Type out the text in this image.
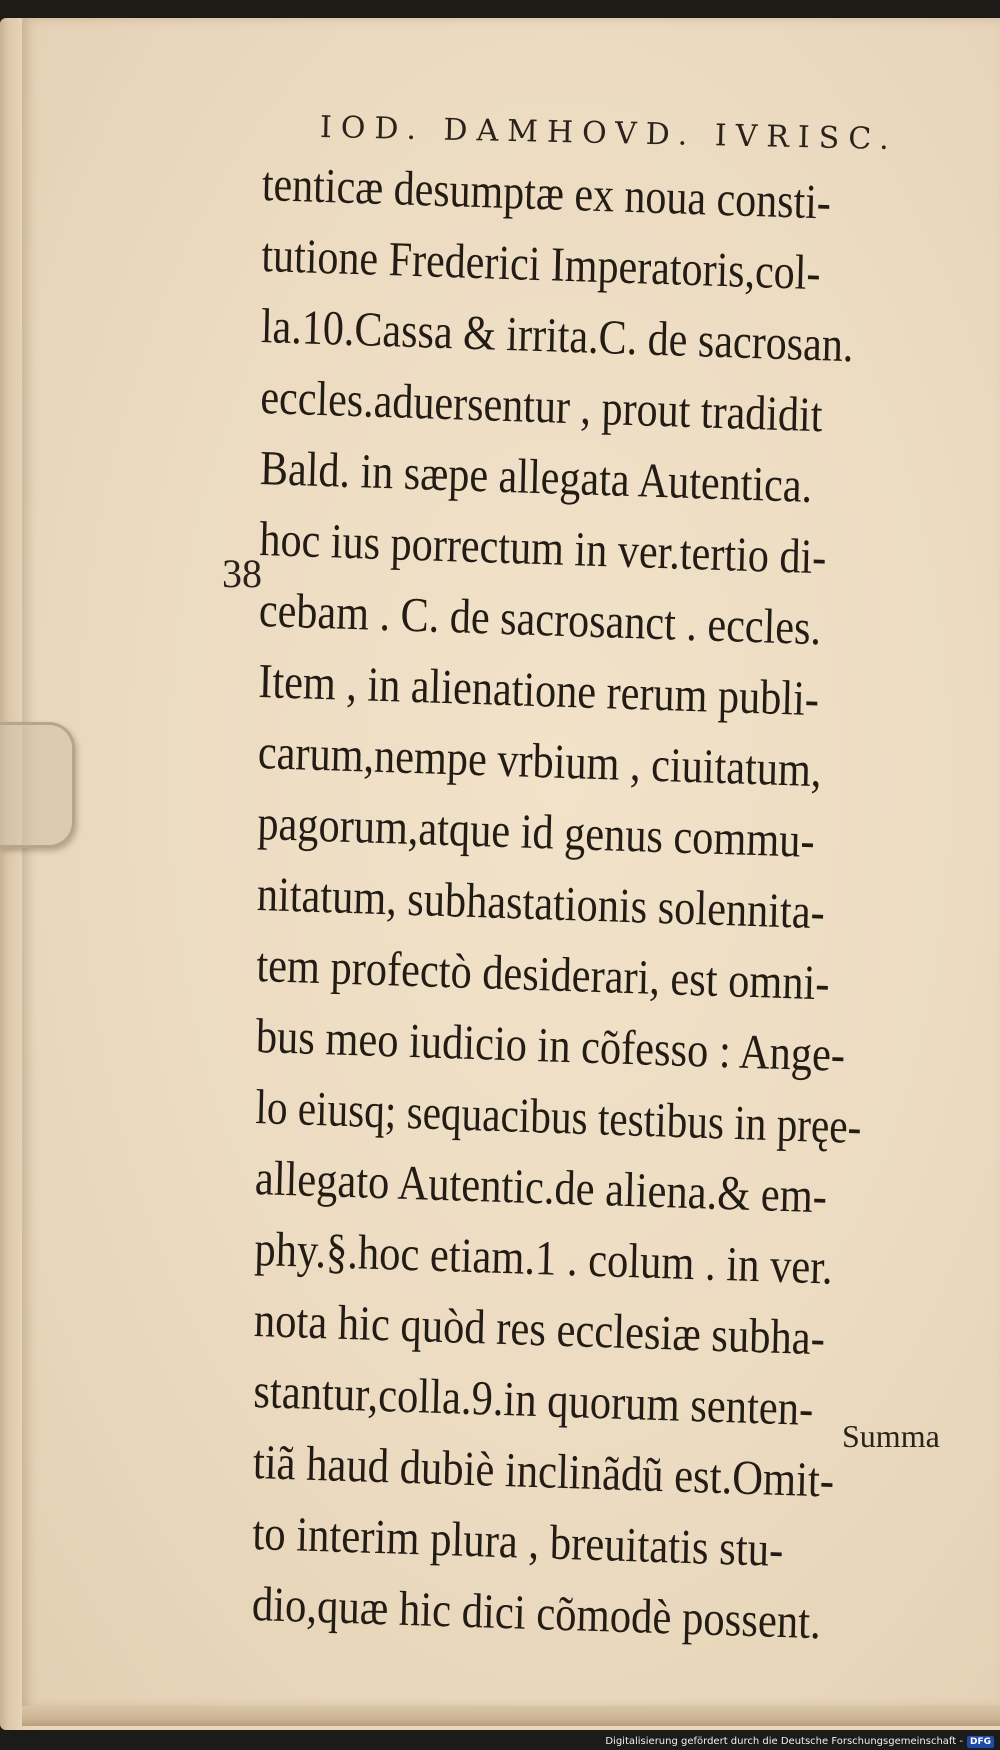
IOD. DAMHOVD. IVRISC.
38
tenticæ desumptæ ex noua consti-
tutione Frederici Imperatoris,col-
la.10.Cassa & irrita.C. de sacrosan.
eccles.aduersentur , prout tradidit
Bald. in sæpe allegata Autentica.
hoc ius porrectum in ver.tertio di-
cebam . C. de sacrosanct . eccles.
Item , in alienatione rerum publi-
carum,nempe vrbium , ciuitatum,
pagorum,atque id genus commu-
nitatum, subhastationis solennita-
tem profectò desiderari, est omni-
bus meo iudicio in cõfesso : Ange-
lo eiusq; sequacibus testibus in pręe-
allegato Autentic.de aliena.& em-
phy.§.hoc etiam.1 . colum . in ver.
nota hic quòd res ecclesiæ subha-
stantur,colla.9.in quorum senten-
tiã haud dubiè inclinãdũ est.Omit-
to interim plura , breuitatis stu-
dio,quæ hic dici cõmodè possent.
Summa
Digitalisierung gefördert durch die Deutsche Forschungsgemeinschaft - DFG
